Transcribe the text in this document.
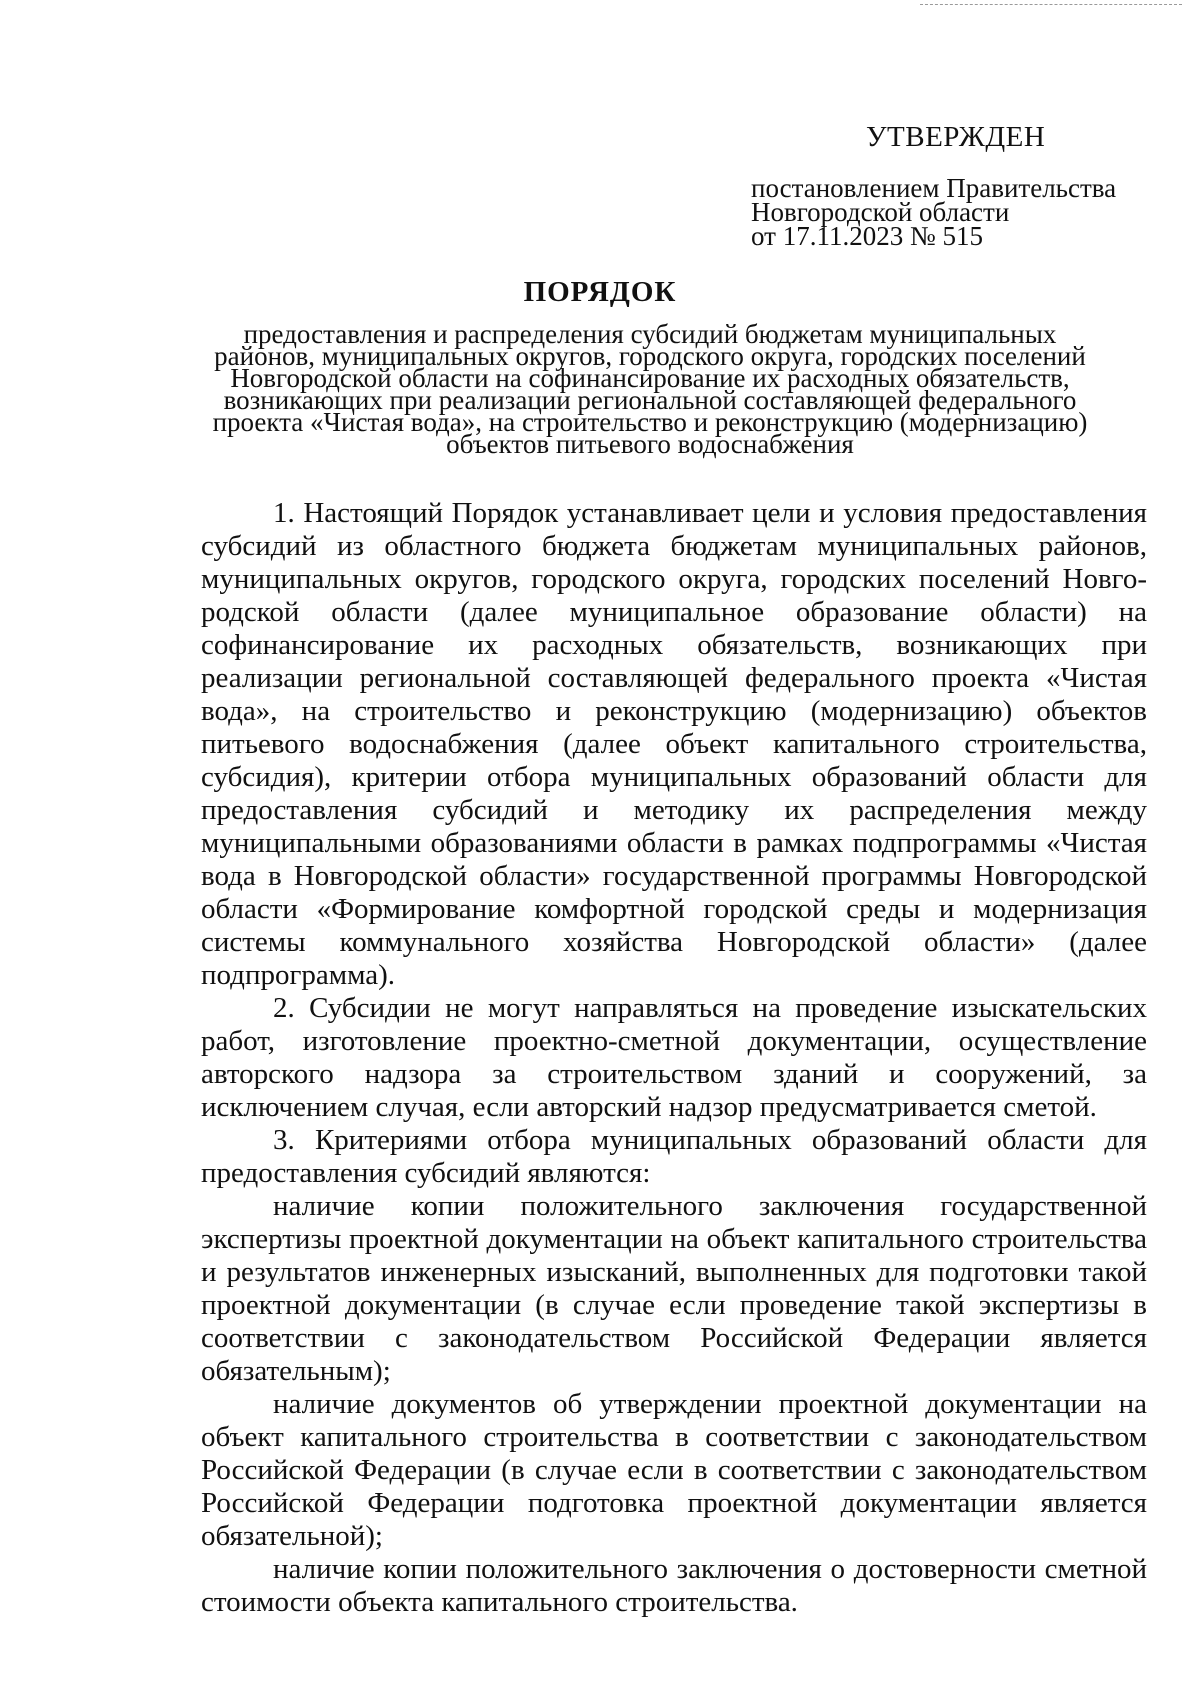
УТВЕРЖДЕН
постановлением Правительства
Новгородской области
от 17.11.2023 № 515
ПОРЯДОК
предоставления и распределения субсидий бюджетам муниципальных
районов, муниципальных округов, городского округа, городских поселений
Новгородской области на софинансирование их расходных обязательств,
возникающих при реализации региональной составляющей федерального
проекта «Чистая вода», на строительство и реконструкцию (модернизацию)
объектов питьевого водоснабжения

1. Настоящий Порядок устанавливает цели и условия предоставления субсидий из областного бюджета бюджетам муниципальных районов, муниципальных округов, городского округа, городских поселений Новгородской области (далее муниципальное образование области) на софинансирование их расходных обязательств, возникающих при реализации региональной составляющей федерального проекта «Чистая вода», на строительство и реконструкцию (модернизацию) объектов питьевого водоснабжения (далее объект капитального строительства, субсидия), критерии отбора муниципальных образований области для предоставления субсидий и методику их распределения между муниципальными образованиями области в рамках подпрограммы «Чистая вода в Новгородской области» государственной программы Новгородской области «Формирование комфортной городской среды и модернизация системы коммунального хозяйства Новгородской области» (далее подпрограмма).

2. Субсидии не могут направляться на проведение изыскательских работ, изготовление проектно-сметной документации, осуществление авторского надзора за строительством зданий и сооружений, за исключением случая, если авторский надзор предусматривается сметой.

3. Критериями отбора муниципальных образований области для предоставления субсидий являются:

наличие копии положительного заключения государственной экспертизы проектной документации на объект капитального строительства и результатов инженерных изысканий, выполненных для подготовки такой проектной документации (в случае если проведение такой экспертизы в соответствии с законодательством Российской Федерации является обязательным);

наличие документов об утверждении проектной документации на объект капитального строительства в соответствии с законодательством Российской Федерации (в случае если в соответствии с законодательством Российской Федерации подготовка проектной документации является обязательной);

наличие копии положительного заключения о достоверности сметной стоимости объекта капитального строительства.
